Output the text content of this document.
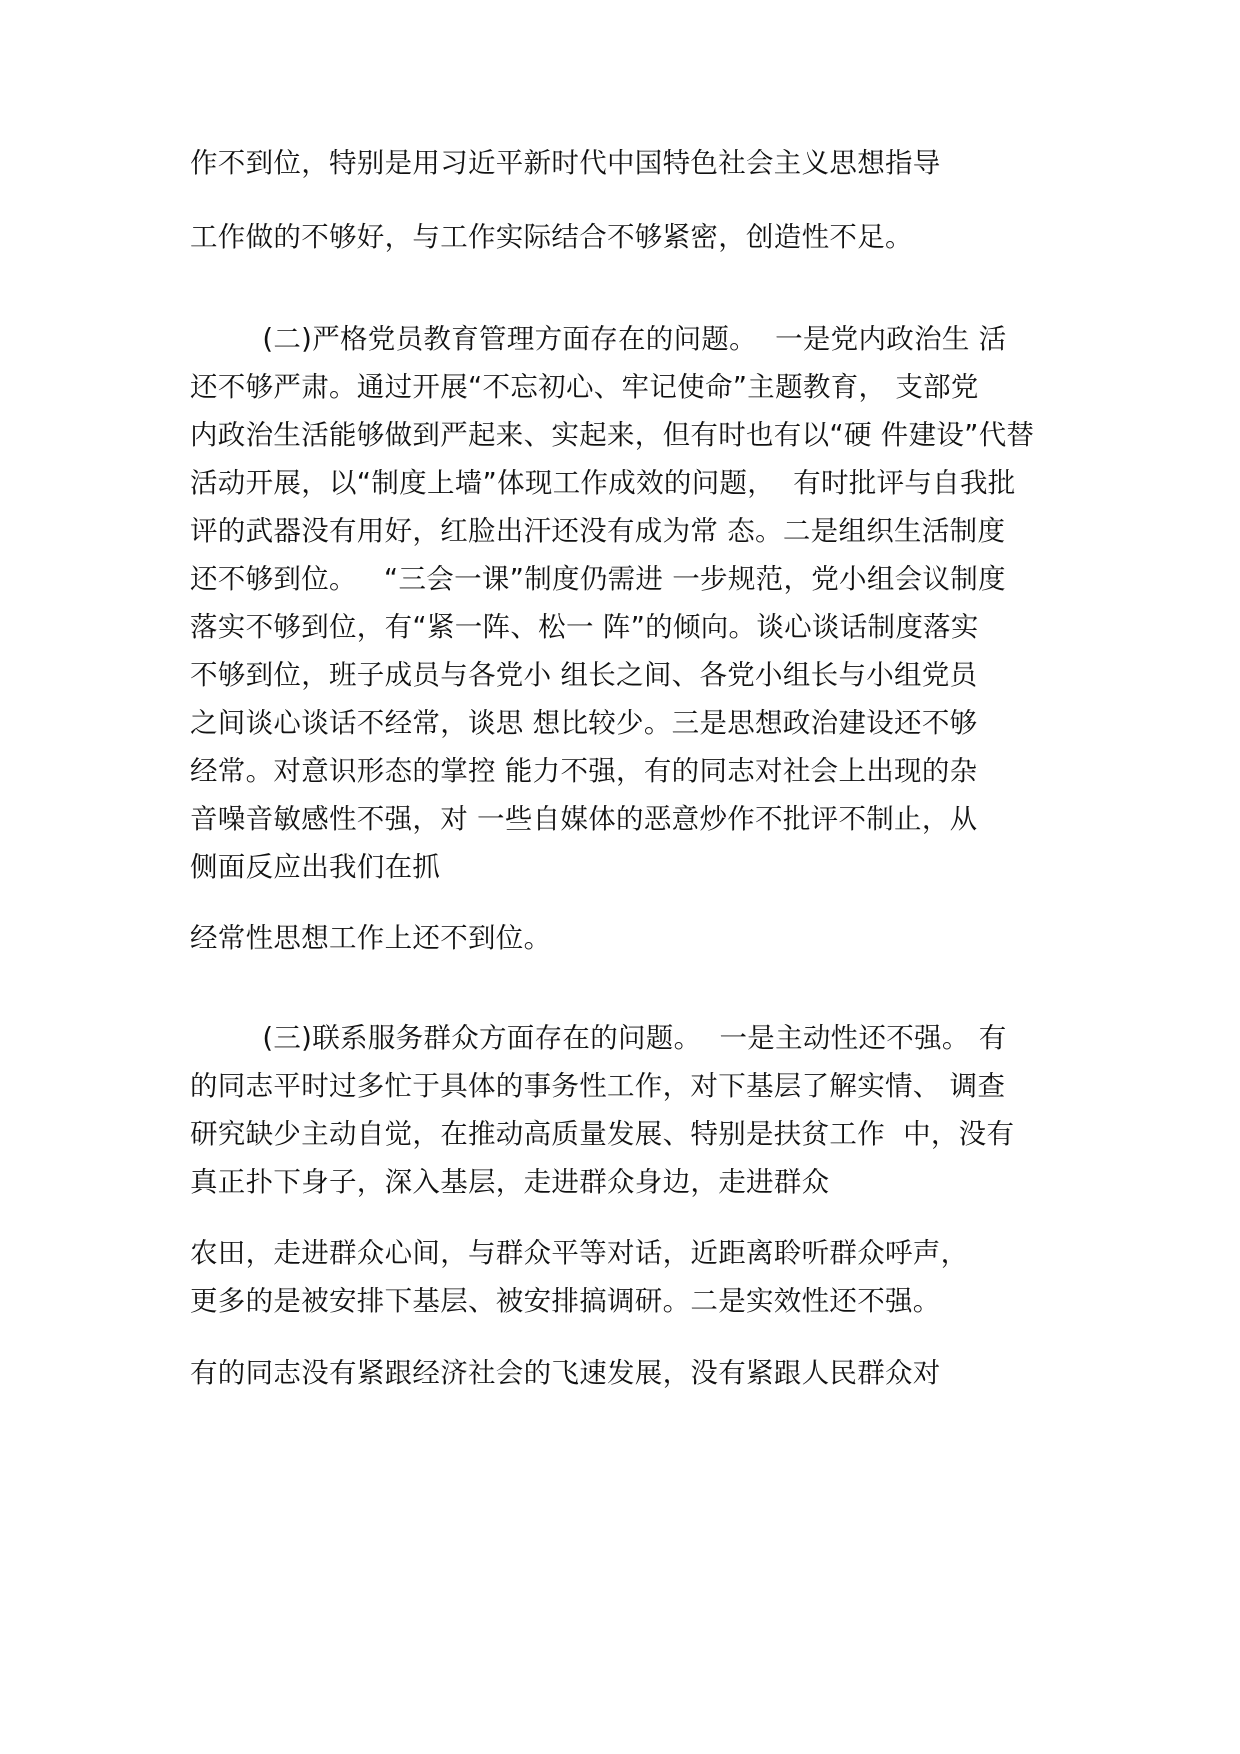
作不到位，特别是用习近平新时代中国特色社会主义思想指导
工作做的不够好，与工作实际结合不够紧密，创造性不足。
(二)严格党员教育管理方面存在的问题。  一是党内政治生 活
还不够严肃。通过开展“不忘初心、牢记使命”主题教育， 支部党
内政治生活能够做到严起来、实起来，但有时也有以“硬 件建设”代替
活动开展，以“制度上墙”体现工作成效的问题，  有时批评与自我批
评的武器没有用好，红脸出汗还没有成为常 态。二是组织生活制度
还不够到位。   “三会一课”制度仍需进 一步规范，党小组会议制度
落实不够到位，有“紧一阵、松一 阵”的倾向。谈心谈话制度落实
不够到位，班子成员与各党小 组长之间、各党小组长与小组党员
之间谈心谈话不经常，谈思 想比较少。三是思想政治建设还不够
经常。对意识形态的掌控 能力不强，有的同志对社会上出现的杂
音噪音敏感性不强，对 一些自媒体的恶意炒作不批评不制止，从
侧面反应出我们在抓
经常性思想工作上还不到位。
(三)联系服务群众方面存在的问题。  一是主动性还不强。 有
的同志平时过多忙于具体的事务性工作，对下基层了解实情、 调查
研究缺少主动自觉，在推动高质量发展、特别是扶贫工作  中，没有
真正扑下身子，深入基层，走进群众身边，走进群众
农田，走进群众心间，与群众平等对话，近距离聆听群众呼声，
更多的是被安排下基层、被安排搞调研。二是实效性还不强。
有的同志没有紧跟经济社会的飞速发展，没有紧跟人民群众对
